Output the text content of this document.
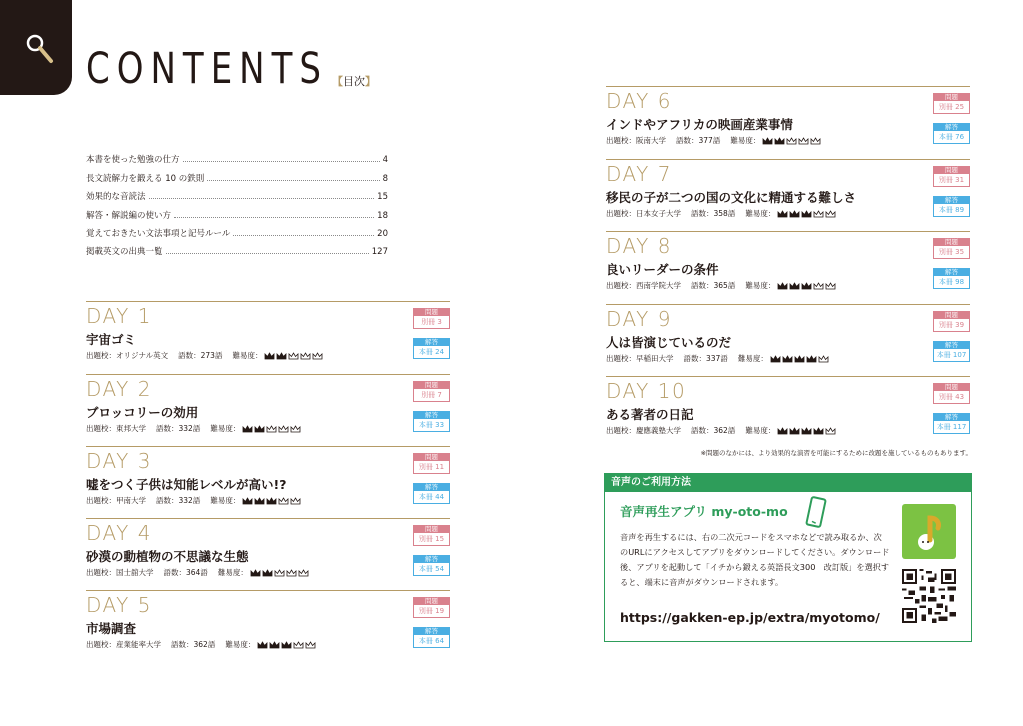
CONTENTS 【目次】
本書を使った勉強の仕方	4
長文読解力を鍛える 10 の鉄則	8
効果的な音読法	15
解答・解説編の使い方	18
覚えておきたい文法事項と記号ルール	20
掲載英文の出典一覧	127
DAY 1
宇宙ゴミ
出題校：オリジナル英文 語数：273語 難易度：
問題
別冊 3
解答
本冊 24
DAY 2
ブロッコリーの効用
出題校：東邦大学 語数：332語 難易度：
問題
別冊 7
解答
本冊 33
DAY 3
嘘をつく子供は知能レベルが高い!?
出題校：甲南大学 語数：332語 難易度：
問題
別冊 11
解答
本冊 44
DAY 4
砂漠の動植物の不思議な生態
出題校：国士舘大学 語数：364語 難易度：
問題
別冊 15
解答
本冊 54
DAY 5
市場調査
出題校：産業能率大学 語数：362語 難易度：
問題
別冊 19
解答
本冊 64
DAY 6
インドやアフリカの映画産業事情
出題校：阪南大学 語数：377語 難易度：
問題
別冊 25
解答
本冊 76
DAY 7
移民の子が二つの国の文化に精通する難しさ
出題校：日本女子大学 語数：358語 難易度：
問題
別冊 31
解答
本冊 89
DAY 8
良いリーダーの条件
出題校：西南学院大学 語数：365語 難易度：
問題
別冊 35
解答
本冊 98
DAY 9
人は皆演じているのだ
出題校：早稲田大学 語数：337語 難易度：
問題
別冊 39
解答
本冊 107
DAY 10
ある著者の日記
出題校：慶應義塾大学 語数：362語 難易度：
問題
別冊 43
解答
本冊 117
※問題のなかには、より効果的な演習を可能にするために改題を施しているものもあります。
音声のご利用方法
音声再生アプリ my-oto-mo
音声を再生するには、右の二次元コードをスマホなどで読み取るか、次のURLにアクセスしてアプリをダウンロードしてください。ダウンロード後、アプリを起動して「イチから鍛える英語長文300　改訂版」を選択すると、端末に音声がダウンロードされます。
https://gakken-ep.jp/extra/myotomo/
